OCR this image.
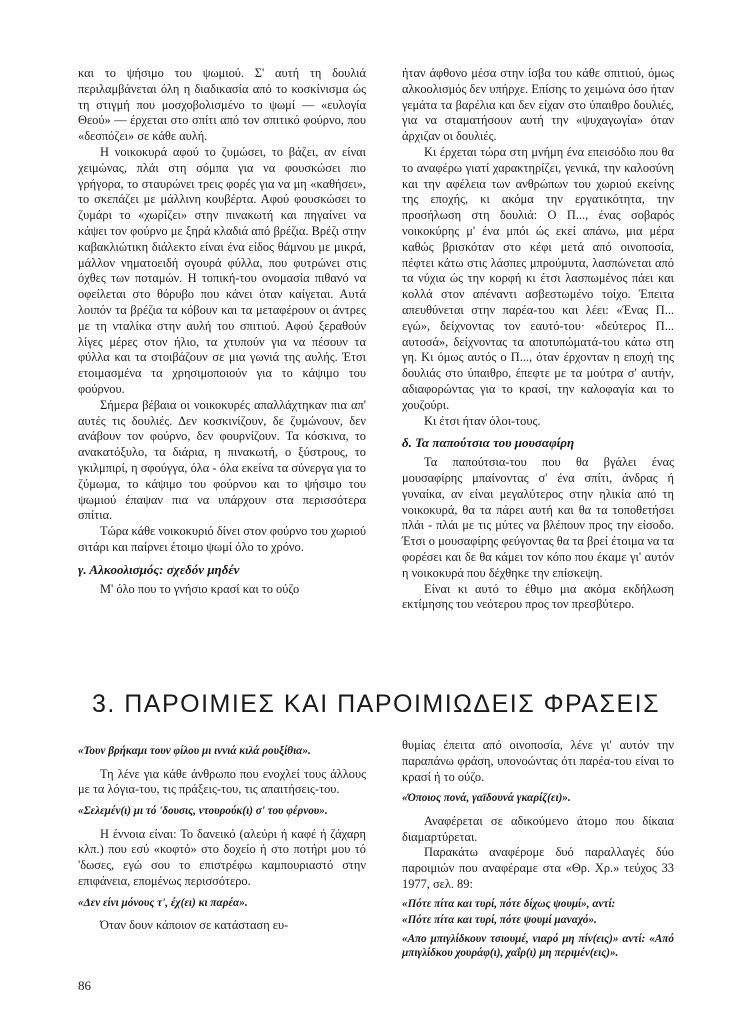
και το ψήσιμο του ψωμιού. Σ' αυτή τη δουλιά περιλαμβάνεται όλη η διαδικασία από το κοσκίνισμα ώς τη στιγμή που μοσχοβολισμένο το ψωμί — «ευλογία Θεού» — έρχεται στο σπίτι από τον σπιτικό φούρνο, που «δεσπόζει» σε κάθε αυλή.

Η νοικοκυρά αφού το ζυμώσει, το βάζει, αν είναι χειμώνας, πλάι στη σόμπα για να φουσκώσει πιο γρήγορα, το σταυρώνει τρεις φορές για να μη «καθήσει», το σκεπάζει με μάλλινη κουβέρτα. Αφού φουσκώσει το ζυμάρι το «χωρίζει» στην πινακωτή και πηγαίνει να κάψει τον φούρνο με ξηρά κλαδιά από βρέζια. Βρέζι στην καβακλιώτικη διάλεκτο είναι ένα είδος θάμνου με μικρά, μάλλον νηματοειδή σγουρά φύλλα, που φυτρώνει στις όχθες των ποταμών. Η τοπική-του ονομασία πιθανό να οφείλεται στο θόρυβο που κάνει όταν καίγεται. Αυτά λοιπόν τα βρέζια τα κόβουν και τα μεταφέρουν οι άντρες με τη νταλίκα στην αυλή του σπιτιού. Αφού ξεραθούν λίγες μέρες στον ήλιο, τα χτυπούν για να πέσουν τα φύλλα και τα στοιβάζουν σε μια γωνιά της αυλής. Έτσι ετοιμασμένα τα χρησιμοποιούν για το κάψιμο του φούρνου.

Σήμερα βέβαια οι νοικοκυρές απαλλάχτηκαν πια απ' αυτές τις δουλιές. Δεν κοσκινίζουν, δε ζυμώνουν, δεν ανάβουν τον φούρνο, δεν φουρνίζουν. Τα κόσκινα, το ανακατόξυλο, τα διάρια, η πινακωτή, ο ξύστρους, το γκιλμπιρί, η σφούγγα, όλα - όλα εκείνα τα σύνεργα για το ζύμωμα, το κάψιμο του φούρνου και το ψήσιμο του ψωμιού έπαψαν πια να υπάρχουν στα περισσότερα σπίτια.

Τώρα κάθε νοικοκυριό δίνει στον φούρνο του χωριού σιτάρι και παίρνει έτοιμο ψωμί όλο το χρόνο.

γ. Αλκοολισμός: σχεδόν μηδέν

Μ' όλο που το γνήσιο κρασί και το ούζο

ήταν άφθονο μέσα στην ίσβα του κάθε σπιτιού, όμως αλκοολισμός δεν υπήρχε. Επίσης το χειμώνα όσο ήταν γεμάτα τα βαρέλια και δεν είχαν στο ύπαιθρο δουλιές, για να σταματήσουν αυτή την «ψυχαγωγία» όταν άρχιζαν οι δουλιές.

Κι έρχεται τώρα στη μνήμη ένα επεισόδιο που θα το αναφέρω γιατί χαρακτηρίζει, γενικά, την καλοσύνη και την αφέλεια των ανθρώπων του χωριού εκείνης της εποχής, κι ακόμα την εργατικότητα, την προσήλωση στη δουλιά: Ο Π..., ένας σοβαρός νοικοκύρης μ' ένα μπόι ώς εκεί απάνω, μια μέρα καθώς βρισκόταν στο κέφι μετά από οινοποσία, πέφτει κάτω στις λάσπες μπρούμυτα, λασπώνεται από τα νύχια ώς την κορφή κι έτσι λασπωμένος πάει και κολλά στον απέναντι ασβεστωμένο τοίχο. Έπειτα απευθύνεται στην παρέα-του και λέει: «Ένας Π... εγώ», δείχνοντας τον εαυτό-του· «δεύτερος Π... αυτοσά», δείχνοντας τα αποτυπώματά-του κάτω στη γη. Κι όμως αυτός ο Π..., όταν έρχονταν η εποχή της δουλιάς στο ύπαιθρο, έπεφτε με τα μούτρα σ' αυτήν, αδιαφορώντας για το κρασί, την καλοφαγία και το χουζούρι.

Κι έτσι ήταν όλοι-τους.

δ. Τα παπούτσια του μουσαφίρη

Τα παπούτσια-του που θα βγάλει ένας μουσαφίρης μπαίνοντας σ' ένα σπίτι, άνδρας ή γυναίκα, αν είναι μεγαλύτερος στην ηλικία από τη νοικοκυρά, θα τα πάρει αυτή και θα τα τοποθετήσει πλάι - πλάι με τις μύτες να βλέπουν προς την είσοδο. Έτσι ο μουσαφίρης φεύγοντας θα τα βρεί έτοιμα να τα φορέσει και δε θα κάμει τον κόπο που έκαμε γι' αυτόν η νοικοκυρά που δέχθηκε την επίσκεψη.

Είναι κι αυτό το έθιμο μια ακόμα εκδήλωση εκτίμησης του νεότερου προς τον πρεσβύτερο.

3. ΠΑΡΟΙΜΙΕΣ ΚΑΙ ΠΑΡΟΙΜΙΩΔΕΙΣ ΦΡΑΣΕΙΣ

«Τουν βρήκαμι τουν φίλου μι ιννιά κιλά ρουξίθια».

Τη λένε για κάθε άνθρωπο που ενοχλεί τους άλλους με τα λόγια-του, τις πράξεις-του, τις απαιτήσεις-του.

«Σελεμέν(ι) μι τό 'δουσις, ντουρούκ(ι) σ' του φέρνου».

Η έννοια είναι: Το δανεικό (αλεύρι ή καφέ ή ζάχαρη κλπ.) που εσύ «κοφτό» στο δοχείο ή στο ποτήρι μου τό 'δωσες, εγώ σου το επιστρέφω καμπουριαστό στην επιφάνεια, επομένως περισσότερο.

«Δεν είνι μόνους τ', έχ(ει) κι παρέα».

Όταν δουν κάποιον σε κατάσταση ευ-

θυμίας έπειτα από οινοποσία, λένε γι' αυτόν την παραπάνω φράση, υπονοώντας ότι παρέα-του είναι το κρασί ή το ούζο.

«Όποιος πονά, γαϊδουνά γκαρίζ(ει)».

Αναφέρεται σε αδικούμενο άτομο που δίκαια διαμαρτύρεται.

Παρακάτω αναφέρομε δυό παραλλαγές δύο παροιμιών που αναφέραμε στα «Θρ. Χρ.» τεύχος 33 1977, σελ. 89:

«Πότε πίτα και τυρί, πότε δίχως ψουμί», αντί:

«Πότε πίτα και τυρί, πότε ψουμί μαναχό».

«Απο μπιγλίδκουν τσιουμέ, νιαρό μη πίν(εις)» αντί: «Από μπιγλίδκου χουράφ(ι), χαΐρ(ι) μη περιμέν(εις)».

86
